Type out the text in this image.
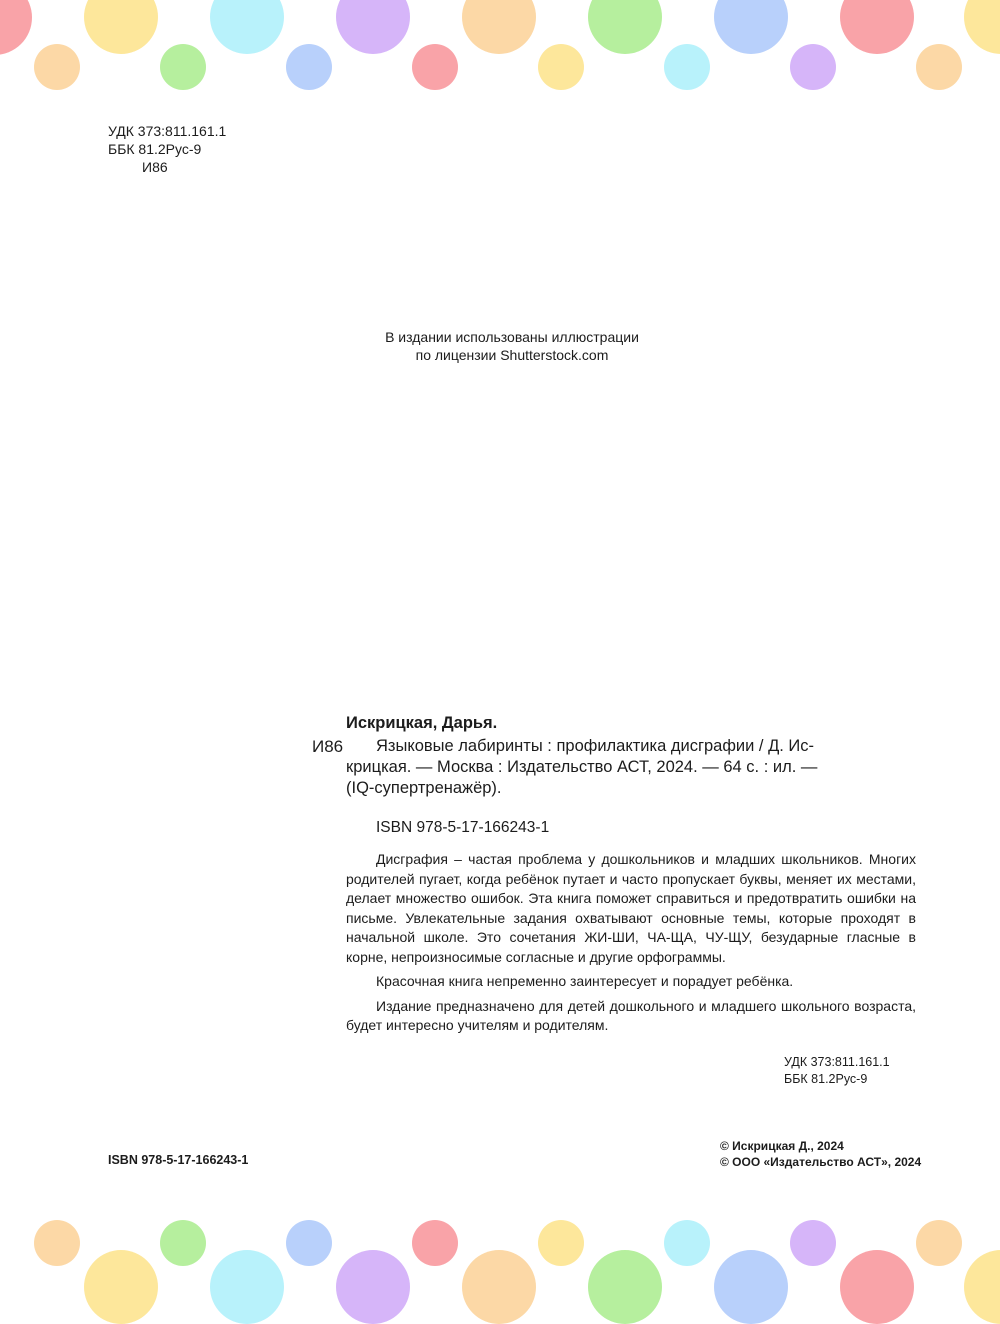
УДК 373:811.161.1
ББК 81.2Рус-9
И86
В издании использованы иллюстрации
по лицензии Shutterstock.com
Искрицкая, Дарья.
И86	Языковые лабиринты : профилактика дисграфии / Д. Ис-
крицкая. — Москва : Издательство АСТ, 2024. — 64 с. : ил. —
(IQ-супертренажёр).
ISBN 978-5-17-166243-1

Дисграфия – частая проблема у дошкольников и младших школьников. Многих родителей пугает, когда ребёнок путает и часто пропускает буквы, меняет их местами, делает множество ошибок. Эта книга поможет справиться и предотвратить ошибки на письме. Увлекательные задания охватывают основные темы, которые проходят в начальной школе. Это сочетания ЖИ-ШИ, ЧА-ЩА, ЧУ-ЩУ, безударные гласные в корне, непроизносимые согласные и другие орфограммы.

Красочная книга непременно заинтересует и порадует ребёнка.

Издание предназначено для детей дошкольного и младшего школьного возраста, будет интересно учителям и родителям.

УДК 373:811.161.1
ББК 81.2Рус-9
ISBN 978-5-17-166243-1
© Искрицкая Д., 2024
© ООО «Издательство АСТ», 2024
